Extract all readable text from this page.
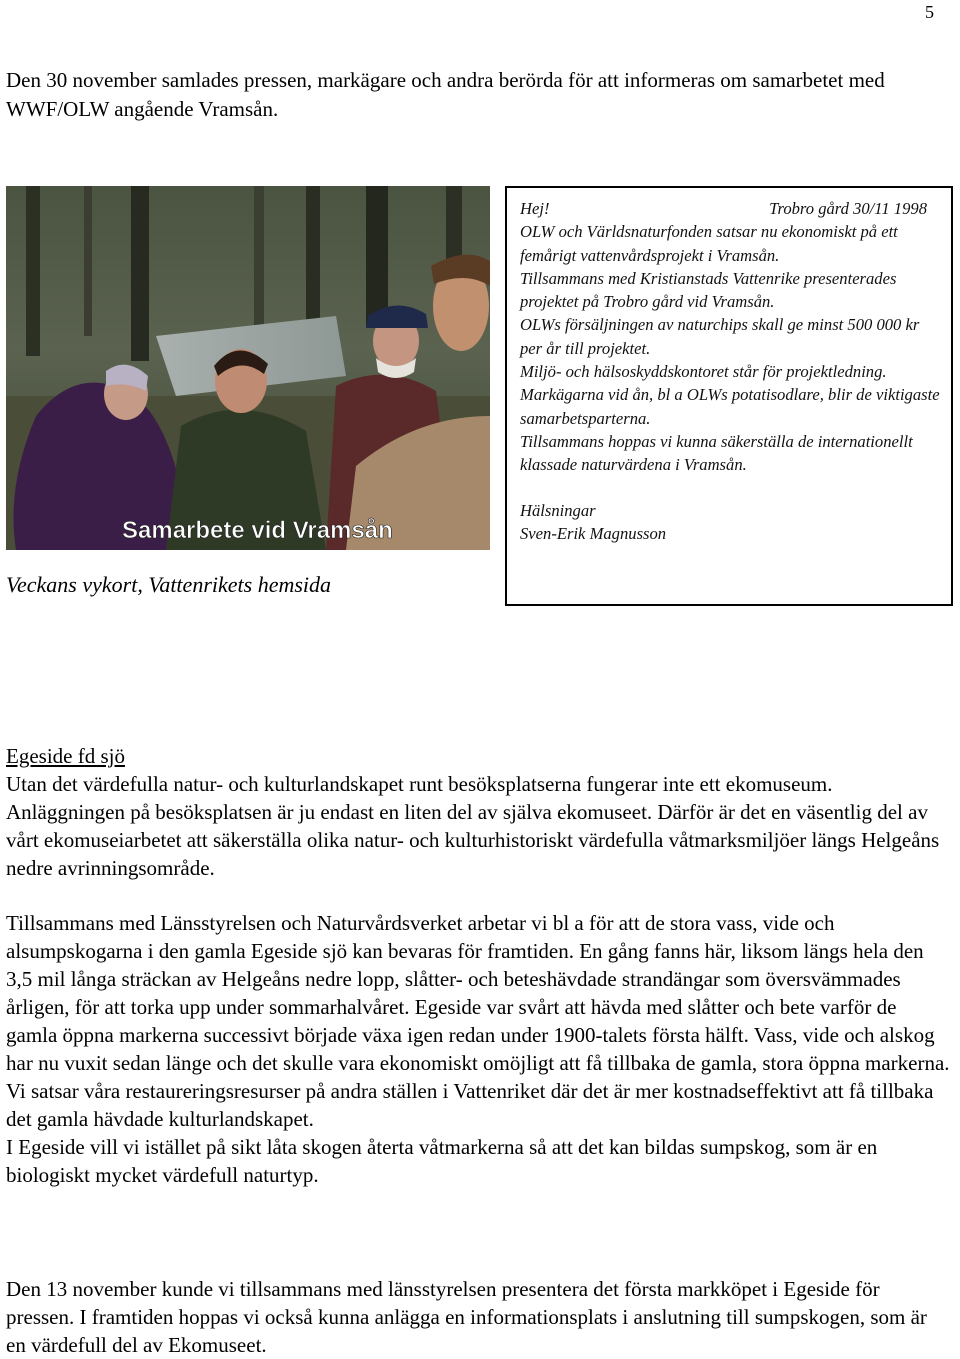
5

Den 30 november samlades pressen, markägare och andra berörda för att informeras om samarbetet med WWF/OLW angående Vramsån.

Samarbete vid Vramsån
Veckans vykort, Vattenrikets hemsida
Hej!	Trobro gård 30/11 1998

OLW och Världsnaturfonden satsar nu ekonomiskt på ett femårigt vattenvårdsprojekt i Vramsån.

Tillsammans med Kristianstads Vattenrike presenterades projektet på Trobro gård vid Vramsån.

OLWs försäljningen av naturchips skall ge minst 500 000 kr per år till projektet.

Miljö- och hälsoskyddskontoret står för projektledning.

Markägarna vid ån, bl a OLWs potatisodlare, blir de viktigaste samarbetsparterna.

Tillsammans hoppas vi kunna säkerställa de internationellt klassade naturvärdena i Vramsån.

Hälsningar

Sven-Erik Magnusson

Egeside fd sjö

Utan det värdefulla natur- och kulturlandskapet runt besöksplatserna fungerar inte ett ekomuseum. Anläggningen på besöksplatsen är ju endast en liten del av själva ekomuseet. Därför är det en väsentlig del av vårt ekomuseiarbetet att säkerställa olika natur- och kulturhistoriskt värdefulla våtmarksmiljöer längs Helgeåns nedre avrinningsområde.

Tillsammans med Länsstyrelsen och Naturvårdsverket arbetar vi bl a för att de stora vass, vide och alsumpskogarna i den gamla Egeside sjö kan bevaras för framtiden. En gång fanns här, liksom längs hela den 3,5 mil långa sträckan av Helgeåns nedre lopp, slåtter- och beteshävdade strandängar som översvämmades årligen, för att torka upp under sommarhalvåret. Egeside var svårt att hävda med slåtter och bete varför de gamla öppna markerna successivt började växa igen redan under 1900-talets första hälft. Vass, vide och alskog har nu vuxit sedan länge och det skulle vara ekonomiskt omöjligt att få tillbaka de gamla, stora öppna markerna. Vi satsar våra restaureringsresurser på andra ställen i Vattenriket där det är mer kostnadseffektivt att få tillbaka det gamla hävdade kulturlandskapet.

I Egeside vill vi istället på sikt låta skogen återta våtmarkerna så att det kan bildas sumpskog, som är en biologiskt mycket värdefull naturtyp.

Den 13 november kunde vi tillsammans med länsstyrelsen presentera det första markköpet i Egeside för pressen. I framtiden hoppas vi också kunna anlägga en informationsplats i anslutning till sumpskogen, som är en värdefull del av Ekomuseet.
